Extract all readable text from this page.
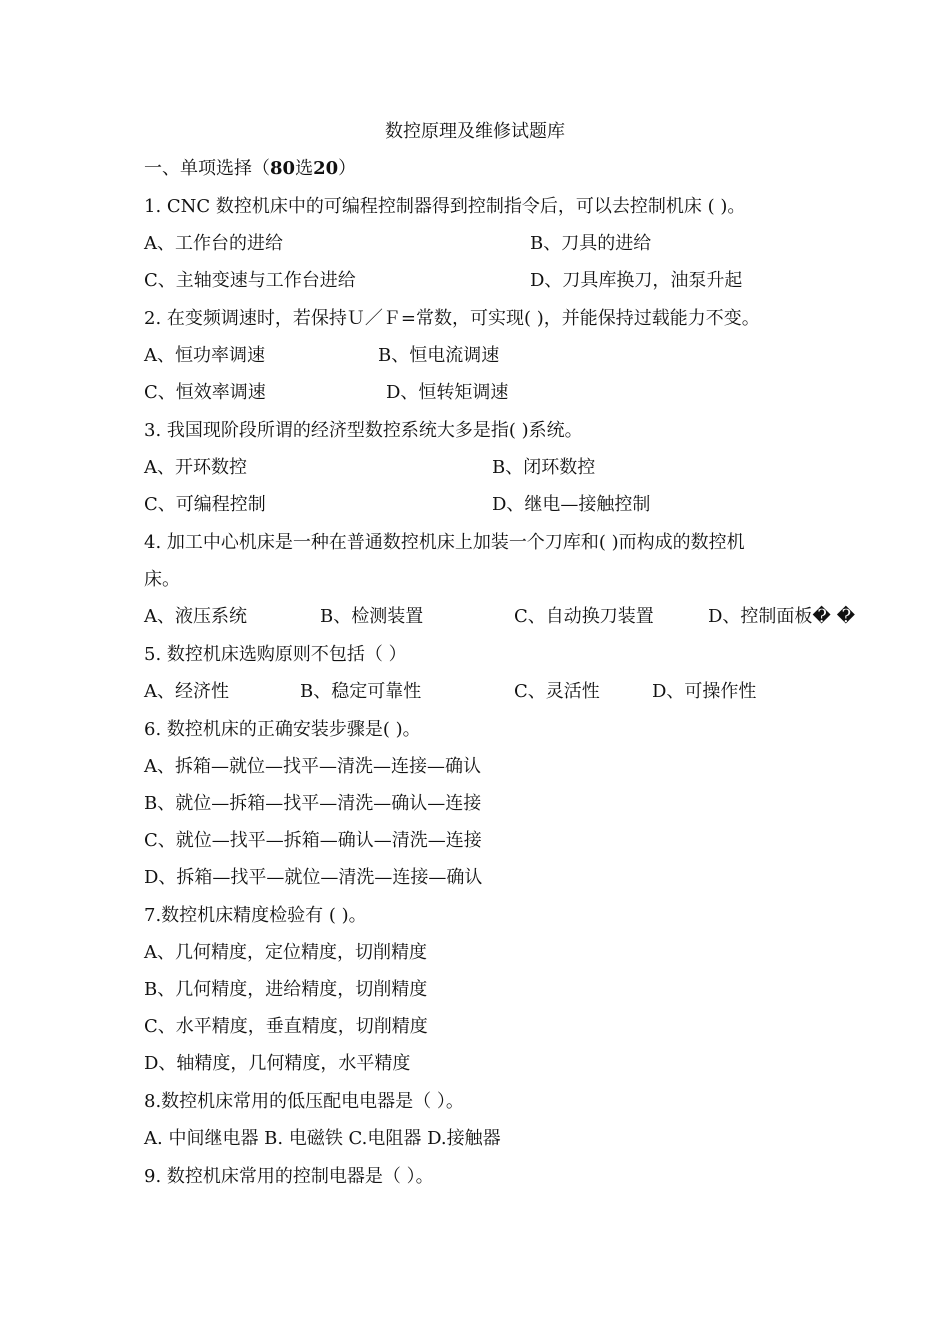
数控原理及维修试题库
一、单项选择（80选20）
1. CNC 数控机床中的可编程控制器得到控制指令后，可以去控制机床 ( )。
A、工作台的进给	B、刀具的进给
C、主轴变速与工作台进给	D、刀具库换刀，油泵升起
2. 在变频调速时，若保持Ｕ／Ｆ=常数，可实现( )，并能保持过载能力不变。
A、恒功率调速	B、恒电流调速
C、恒效率调速	D、恒转矩调速
3. 我国现阶段所谓的经济型数控系统大多是指( )系统。
A、开环数控	B、闭环数控
C、可编程控制	D、继电—接触控制
4. 加工中心机床是一种在普通数控机床上加装一个刀库和( )而构成的数控机
床。
A、液压系统	B、检测装置	C、自动换刀装置	D、控制面板� �
5. 数控机床选购原则不包括（ ）
A、经济性	B、稳定可靠性	C、灵活性	D、可操作性
6. 数控机床的正确安装步骤是( )。
A、拆箱—就位—找平—清洗—连接—确认
B、就位—拆箱—找平—清洗—确认—连接
C、就位—找平—拆箱—确认—清洗—连接
D、拆箱—找平—就位—清洗—连接—确认
7.数控机床精度检验有 ( )。
A、几何精度，定位精度，切削精度
B、几何精度，进给精度，切削精度
C、水平精度，垂直精度，切削精度
D、轴精度，几何精度，水平精度
8.数控机床常用的低压配电电器是（ ）。
A. 中间继电器 B. 电磁铁 C.电阻器 D.接触器
9. 数控机床常用的控制电器是（ ）。
